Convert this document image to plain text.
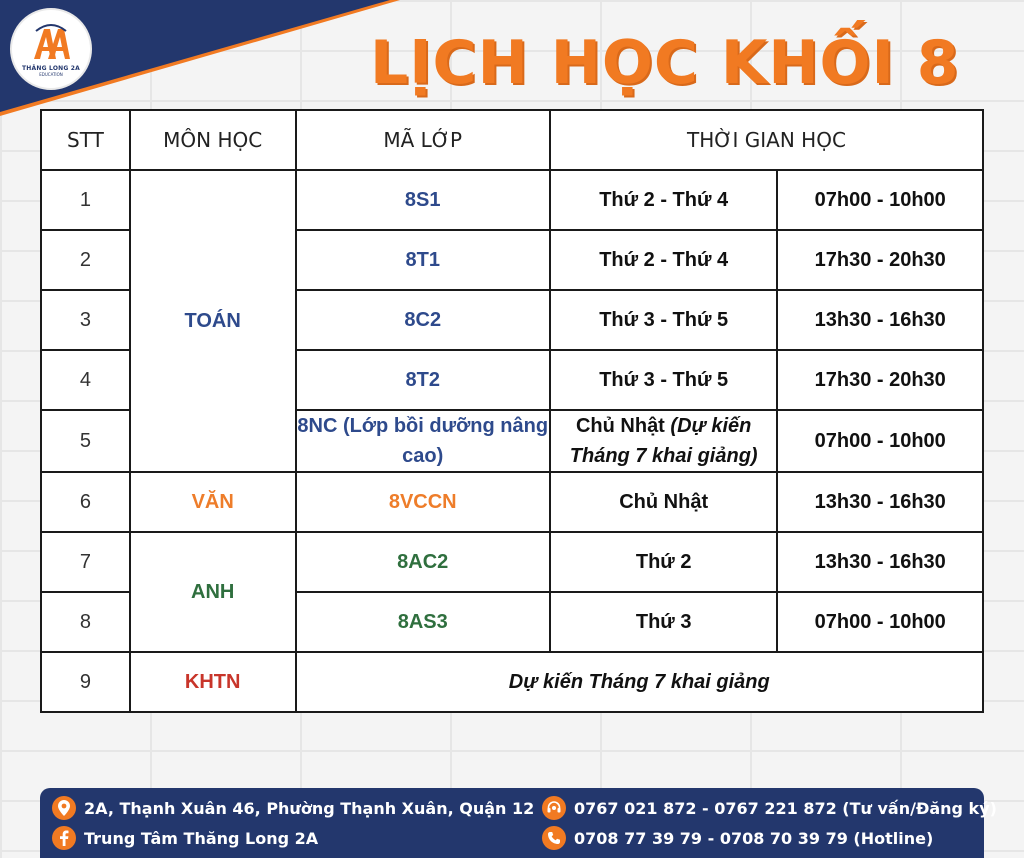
THĂNG LONG 2A
EDUCATION	LỊCH HỌC KHỐI 8
STT	MÔN HỌC	MÃ LỚP	THỜI GIAN HỌC	
1	TOÁN	8S1	Thứ 2 - Thứ 4	07h00 - 10h00
2		8T1	Thứ 2 - Thứ 4	17h30 - 20h30
3		8C2	Thứ 3 - Thứ 5	13h30 - 16h30
4		8T2	Thứ 3 - Thứ 5	17h30 - 20h30
5		8NC (Lớp bồi dưỡng nâng cao)	Chủ Nhật (Dự kiến Tháng 7 khai giảng)	07h00 - 10h00
6	VĂN	8VCCN	Chủ Nhật	13h30 - 16h30
7	ANH	8AC2	Thứ 2	13h30 - 16h30
8		8AS3	Thứ 3	07h00 - 10h00
9	KHTN	Dự kiến Tháng 7 khai giảng		
2A, Thạnh Xuân 46, Phường Thạnh Xuân, Quận 12
Trung Tâm Thăng Long 2A
0767 021 872 - 0767 221 872 (Tư vấn/Đăng ký)
0708 77 39 79 - 0708 70 39 79 (Hotline)
